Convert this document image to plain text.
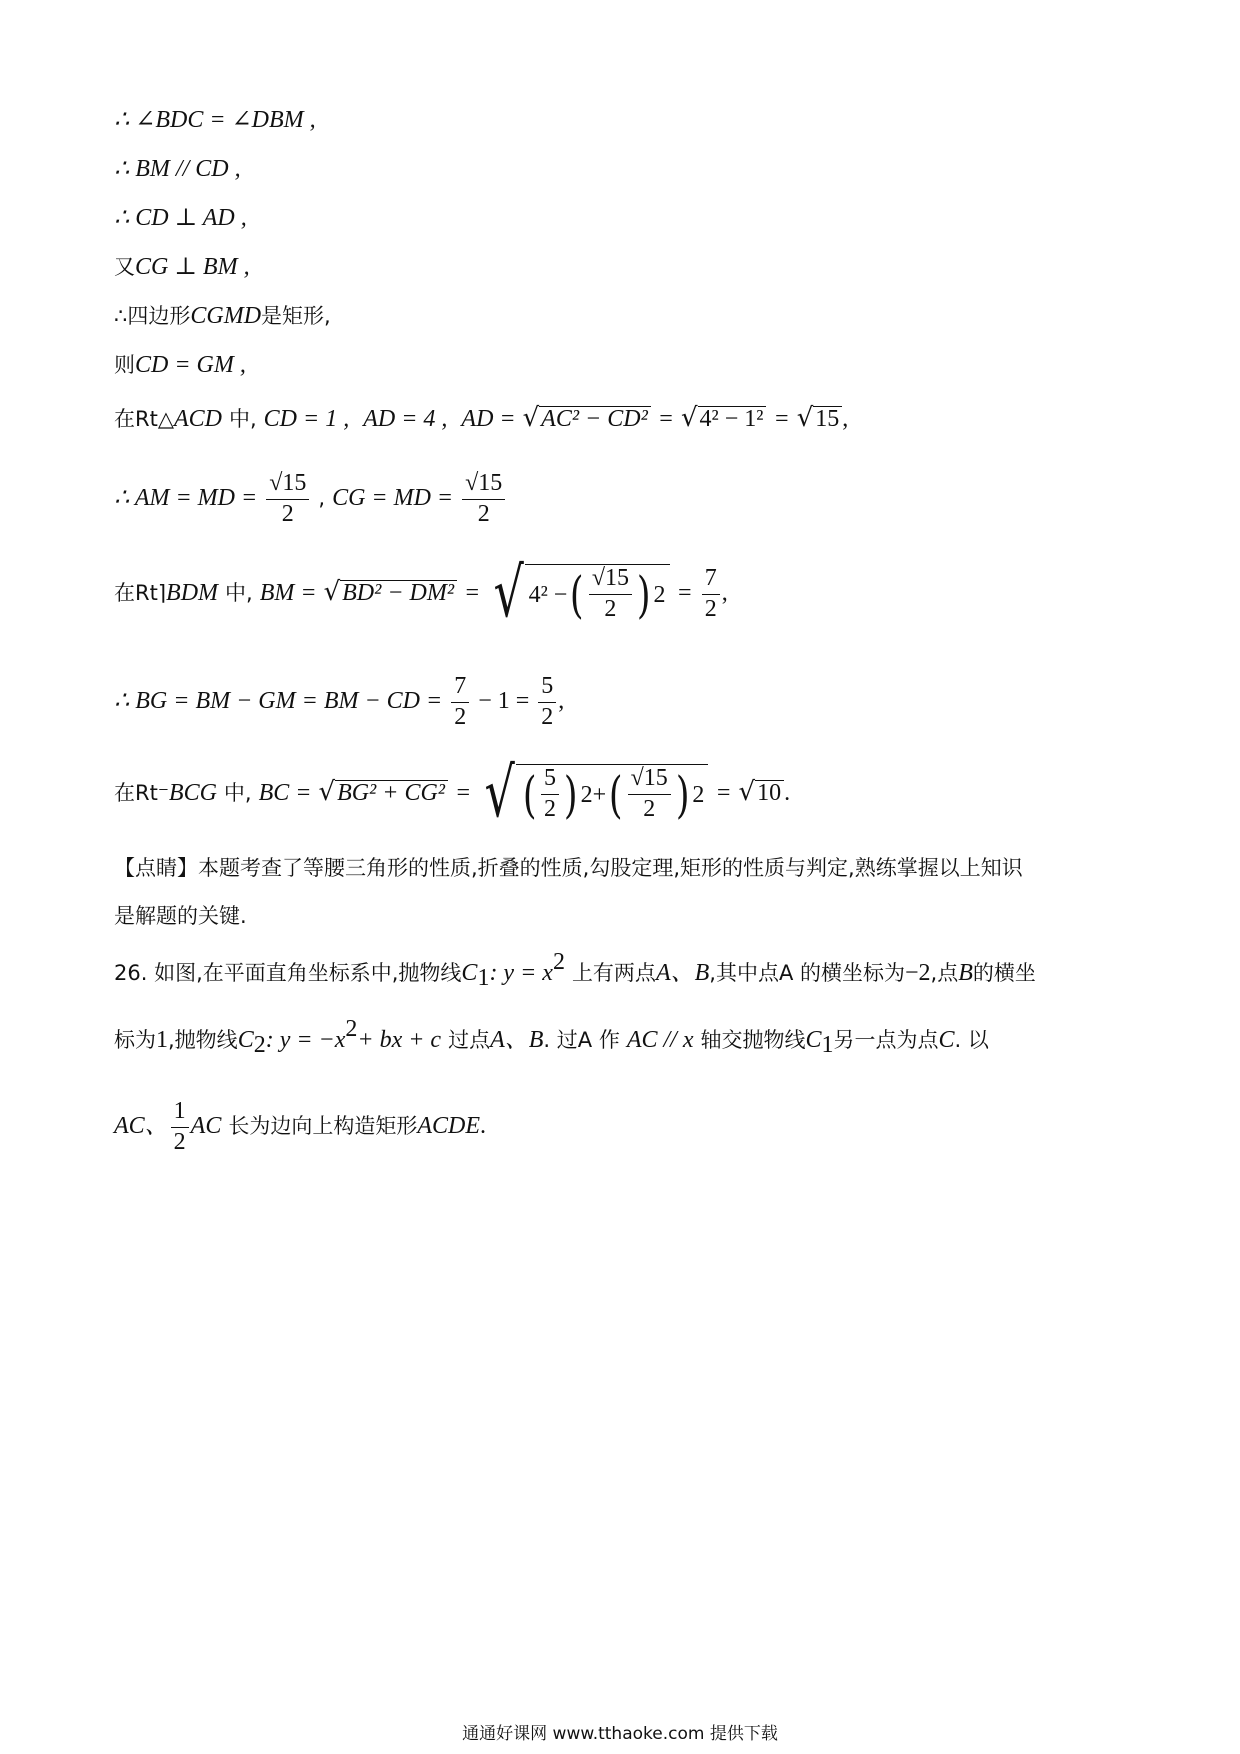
∴ ∠BDC = ∠DBM ,
∴ BM // CD ,
∴ CD ⊥ AD ,
又CG ⊥ BM ,
∴四边形CGMD是矩形,
则CD = GM ,
在Rt△ACD 中, CD = 1 , AD = 4 , AD = √AC² − CD² = √4² − 1² = √15 ,
∴ AM = MD = $\frac{√15}{2}$ , CG = MD = $\frac{√15}{2}$
在Rt⌉BDM 中, BM = √BD² − DM² = √ 4² − ( $\frac{√15}{2}$ ) $2 = \frac{7}{2}$ ,
∴ BG = BM − GM = BM − CD = $\frac{7}{2} - 1 = \frac{5}{2}$ ,
在Rt⁻BCG 中, BC = √BG² + CG² = √ ( $\frac{5}{2}$ ) 2 + ( $\frac{√15}{2}$ ) 2 = √10 .
【点睛】本题考查了等腰三角形的性质,折叠的性质,勾股定理,矩形的性质与判定,熟练掌握以上知识
是解题的关键.
26. 如图,在平面直角坐标系中,抛物线$C_1$: $y = x^2$ 上有两点A、B,其中点A 的横坐标为−2,点B的横坐
标为1,抛物线$C_2$: $y = -x^2+$ bx + c 过点A、B. 过A 作 AC // x 轴交抛物线$C_1$另一点为点C. 以
AC、 $\frac{1}{2}$ AC 长为边向上构造矩形ACDE.
通通好课网 www.tthaoke.com 提供下载
